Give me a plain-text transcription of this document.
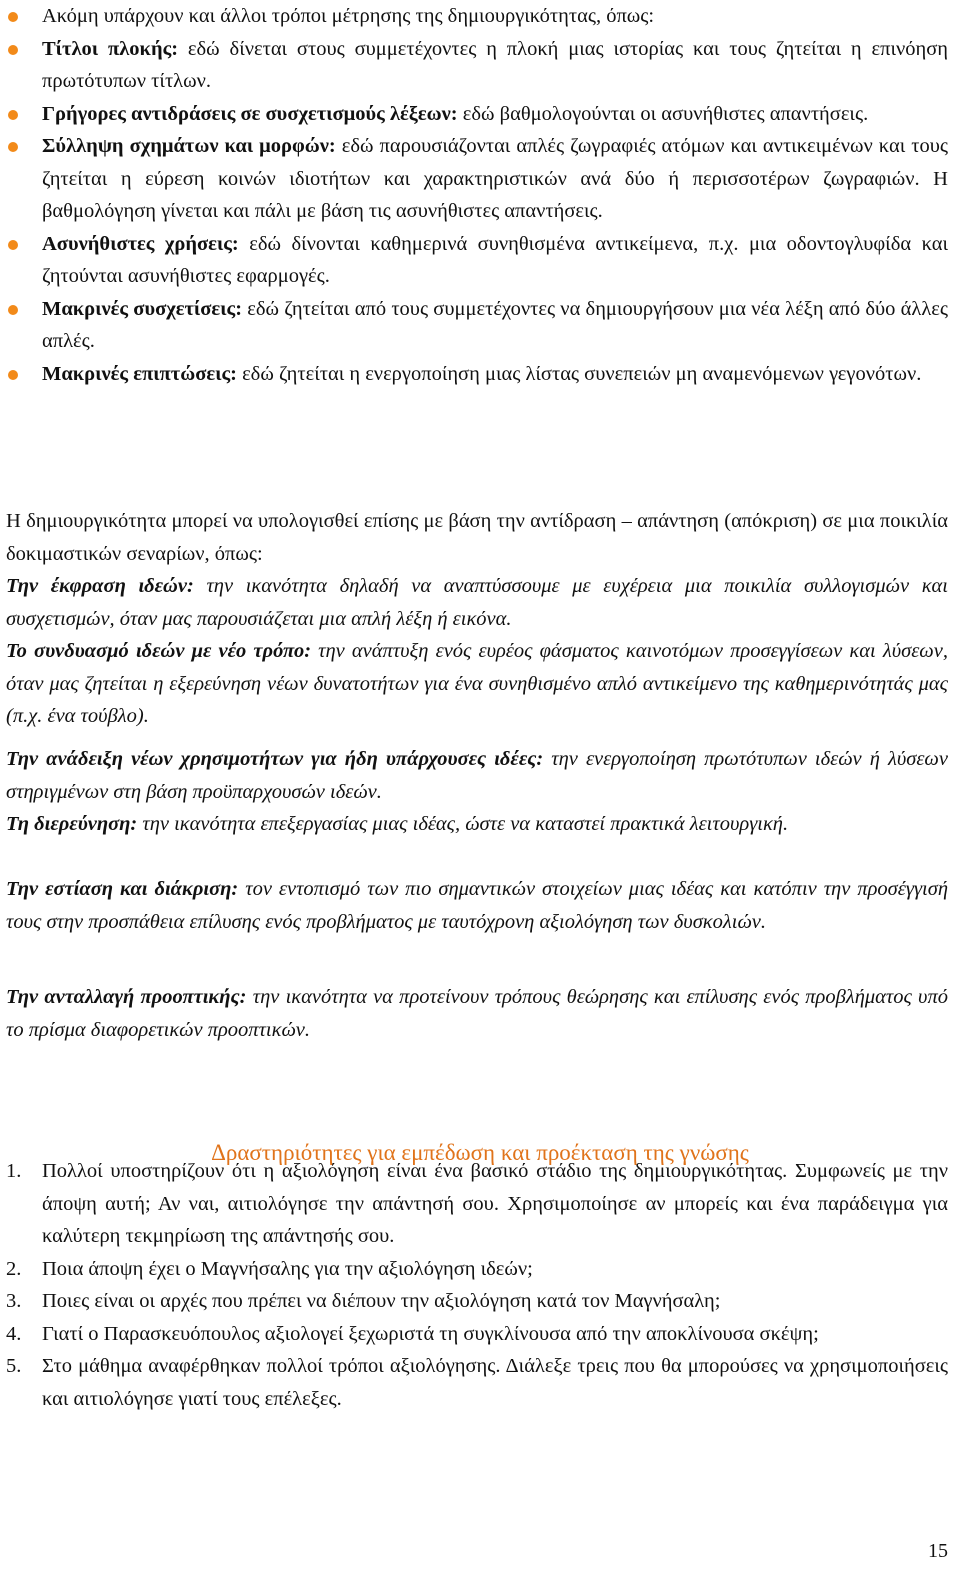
Ακόμη υπάρχουν και άλλοι τρόποι μέτρησης της δημιουργικότητας, όπως:
Τίτλοι πλοκής: εδώ δίνεται στους συμμετέχοντες η πλοκή μιας ιστορίας και τους ζητείται η επινόηση πρωτότυπων τίτλων.
Γρήγορες αντιδράσεις σε συσχετισμούς λέξεων: εδώ βαθμολογούνται οι ασυνήθιστες απαντήσεις.
Σύλληψη σχημάτων και μορφών: εδώ παρουσιάζονται απλές ζωγραφιές ατόμων και αντικειμένων και τους ζητείται η εύρεση κοινών ιδιοτήτων και χαρακτηριστικών ανά δύο ή περισσοτέρων ζωγραφιών. Η βαθμολόγηση γίνεται και πάλι με βάση τις ασυνήθιστες απαντήσεις.
Ασυνήθιστες χρήσεις: εδώ δίνονται καθημερινά συνηθισμένα αντικείμενα, π.χ. μια οδοντογλυφίδα και ζητούνται ασυνήθιστες εφαρμογές.
Μακρινές συσχετίσεις: εδώ ζητείται από τους συμμετέχοντες να δημιουργήσουν μια νέα λέξη από δύο άλλες απλές.
Μακρινές επιπτώσεις: εδώ ζητείται η ενεργοποίηση μιας λίστας συνεπειών μη αναμενόμενων γεγονότων.

Η δημιουργικότητα μπορεί να υπολογισθεί επίσης με βάση την αντίδραση – απάντηση (απόκριση) σε μια ποικιλία δοκιμαστικών σεναρίων, όπως:

Την έκφραση ιδεών: την ικανότητα δηλαδή να αναπτύσσουμε με ευχέρεια μια ποικιλία συλλογισμών και συσχετισμών, όταν μας παρουσιάζεται μια απλή λέξη ή εικόνα.

Το συνδυασμό ιδεών με νέο τρόπο: την ανάπτυξη ενός ευρέος φάσματος καινοτόμων προσεγγίσεων και λύσεων, όταν μας ζητείται η εξερεύνηση νέων δυνατοτήτων για ένα συνηθισμένο απλό αντικείμενο της καθημερινότητάς μας (π.χ. ένα τούβλο).

Την ανάδειξη νέων χρησιμοτήτων για ήδη υπάρχουσες ιδέες: την ενεργοποίηση πρωτότυπων ιδεών ή λύσεων στηριγμένων στη βάση προϋπαρχουσών ιδεών.

Τη διερεύνηση: την ικανότητα επεξεργασίας μιας ιδέας, ώστε να καταστεί πρακτικά λειτουργική.

Την εστίαση και διάκριση: τον εντοπισμό των πιο σημαντικών στοιχείων μιας ιδέας και κατόπιν την προσέγγισή τους στην προσπάθεια επίλυσης ενός προβλήματος με ταυτόχρονη αξιολόγηση των δυσκολιών.

Την ανταλλαγή προοπτικής: την ικανότητα να προτείνουν τρόπους θεώρησης και επίλυσης ενός προβλήματος υπό το πρίσμα διαφορετικών προοπτικών.

Δραστηριότητες για εμπέδωση και προέκταση της γνώσης
1. Πολλοί υποστηρίζουν ότι η αξιολόγηση είναι ένα βασικό στάδιο της δημιουργικότητας. Συμφωνείς με την άποψη αυτή; Αν ναι, αιτιολόγησε την απάντησή σου. Χρησιμοποίησε αν μπορείς και ένα παράδειγμα για καλύτερη τεκμηρίωση της απάντησής σου.
2. Ποια άποψη έχει ο Μαγνήσαλης για την αξιολόγηση ιδεών;
3. Ποιες είναι οι αρχές που πρέπει να διέπουν την αξιολόγηση κατά τον Μαγνήσαλη;
4. Γιατί ο Παρασκευόπουλος αξιολογεί ξεχωριστά τη συγκλίνουσα από την αποκλίνουσα σκέψη;
5. Στο μάθημα αναφέρθηκαν πολλοί τρόποι αξιολόγησης. Διάλεξε τρεις που θα μπορούσες να χρησιμοποιήσεις και αιτιολόγησε γιατί τους επέλεξες.
15
